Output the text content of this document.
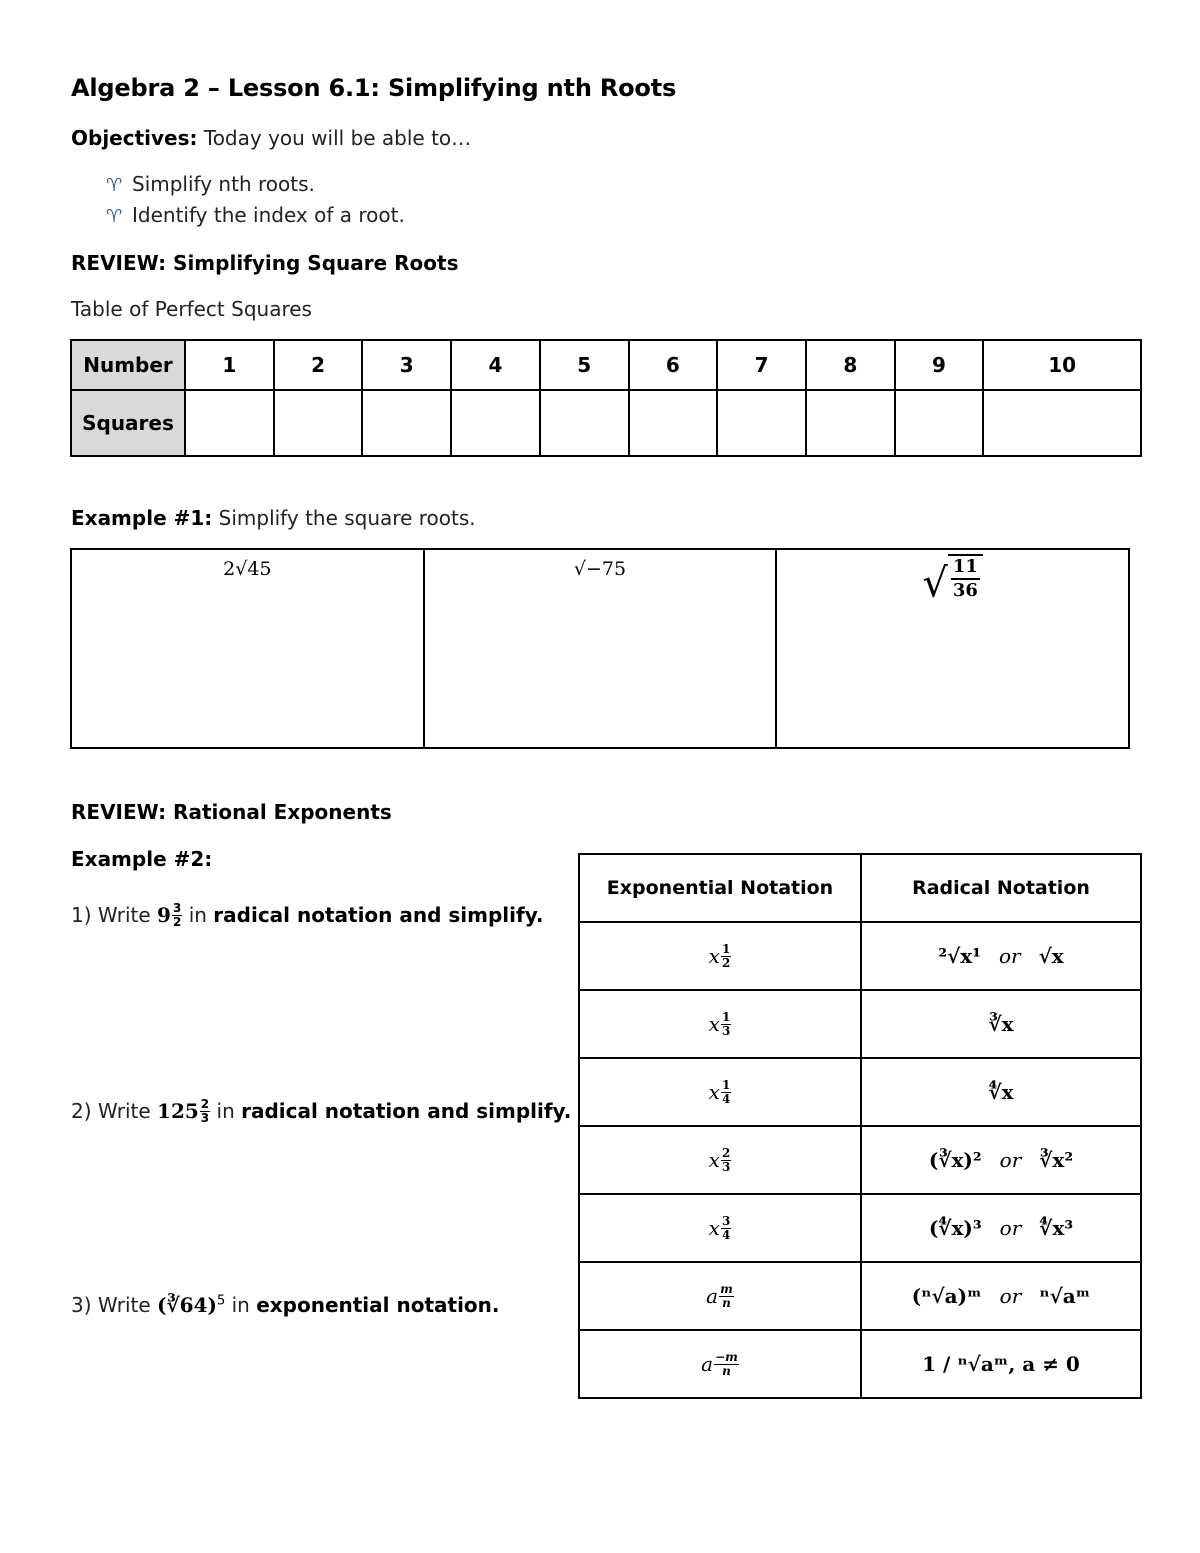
Algebra 2 – Lesson 6.1: Simplifying nth Roots
Objectives: Today you will be able to…
♈ Simplify nth roots.
♈ Identify the index of a root.
REVIEW: Simplifying Square Roots
Table of Perfect Squares
Number	1	2	3	4	5	6	7	8	9	10
Squares										
Example #1: Simplify the square roots.
2√45	√−75	√ $\frac{11}{36}$
REVIEW: Rational Exponents
Example #2:
1) Write $9 \frac{3}{2}$ in radical notation and simplify.
2) Write $125 \frac{2}{3}$ in radical notation and simplify.
3) Write (∛64)$^5$ in exponential notation.
Exponential Notation	Radical Notation
x $\frac{1}{2}$	²√x¹ or √x
x $\frac{1}{3}$	∛x
x $\frac{1}{4}$	∜x
x $\frac{2}{3}$	(∛x)² or ∛x²
x $\frac{3}{4}$	(∜x)³ or ∜x³
a $\frac{m}{n}$	(ⁿ√a)ᵐ or ⁿ√aᵐ
a $\frac{-m}{n}$	1 / ⁿ√aᵐ, a ≠ 0
